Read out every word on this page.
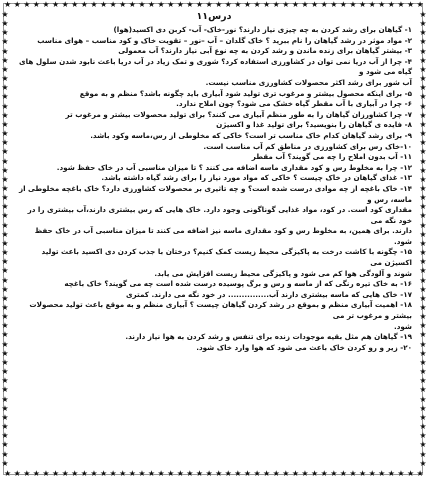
★ ★ ★ ★ ★ ★ ★ ★ ★ ★ ★ ★ ★ ★ ★ ★ ★ ★ ★ ★ ★ ★ ★ ★ ★ ★ ★ ★ ★ ★ ★ ★ ★ ★ ★ ★ ★ ★ ★ ★ ★ ★ ★ ★
★ ★ ★ ★ ★ ★ ★ ★ ★ ★ ★ ★ ★ ★ ★ ★ ★ ★ ★ ★ ★ ★ ★ ★ ★ ★ ★ ★ ★ ★ ★ ★ ★ ★ ★ ★ ★ ★ ★ ★ ★ ★ ★ ★
★
★
★
★
★
★
★
★
★
★
★
★
★
★
★
★
★
★
★
★
★
★
★
★
★
★
★
★
★
★
★
★
★
★
★
★
★
★
★
★
★
★
★
★
★
★
★
★
★
★
★
★
★
★
★
★
★
★
★
★
★
★
★
★
★
★
★
★
★
★
★
★
★
★
★
★
★
★
★
★
★
★
★
★
★
★
★
★
★
★
★
★
★
★
★
★
★
★
★
★
درس۱۱

۱- گیاهان برای رشد کردن به چه چیزی نیاز دارند؟ نور-خاک- آب- کربن دی اکسید(هوا)

۲- مواد موثر در رشد گیاهان را نام ببرید ؟ خاک گلدان – آب –نور – تقویت خاک و کود مناسب – هوای مناسب

۳- بیشتر گیاهان برای زنده ماندن و رشد کردن به چه نوع آبی نیاز دارند؟ آب معمولی

۴- چرا از آب دریا نمی توان در کشاورزی استفاده کرد؟ شوری و تمک زیاد در آب دریا باعث نابود شدن سلول های گیاه می شود و

آب شور برای رشد اکثر محصولات کشاورزی مناسب نیست.

۵- برای اینکه محصول بیشتر و مرغوب تری تولید شود آبیاری باید چگونه باشد؟ منظم و به موقع

۶- چرا در آبیاری با آب مقطر گیاه خشک می شود؟ چون املاح ندارد.

۷- چرا کشاورزان گیاهان را به طور منظم آبیاری می کنند؟ برای تولید محصولات بیشتر و مرغوب تر

۸- فایده ی گیاهان را بنویسید؟ برای تولید غذا و اکسیژن

۹- برای رشد گیاهان کدام خاک مناسب تر است؟ خاکی که مخلوطی از رس،ماسه وکود باشد.

۱۰-خاک رس برای کشاورزی در مناطق کم آب مناسب است.

۱۱- آب بدون املاح را چه می گویند؟ آب مقطر

۱۲- چرا به مخلوط رس و کود مقداری ماسه اضافه می کنند ؟ تا میزان مناسبی آب در خاک حفظ شود.

۱۳- غذای گیاهان در خاک چیست ؟ خاکی که مواد مورد نیاز را برای رشد گیاه داشته باشد.

۱۴- خاک باغچه از چه موادی درست شده است؟ و چه تاثیری بر محصولات کشاورزی دارد؟ خاک باغچه مخلوطی از ماسه، رس و

مقداری کود است. در کود، مواد غذایی گوناگونی وجود دارد. خاک هایی که رس بیشتری دارند،آب بیشتری را در خود نگه می

دارند. برای همین، به مخلوط رس و کود مقداری ماسه نیز اضافه می کنند تا میزان مناسبی آب در خاک حفظ شود.

۱۵- چگونه با کاشت درخت به پاکیزگی محیط زیست کمک کنیم؟ درختان با جذب کردن دی اکسید باعث تولید اکسیژن می

شوند و آلودگی هوا کم می شود و پاکیزگی محیط زیست افزایش می یابد.

۱۶- به خاک تیره رنگی که از ماسه و رس و برگ پوسیده درست شده است چه می گویند؟ خاک باغچه

۱۷- خاک هایی که ماسه بیشتری دارند آب............... در خود نگه می دارند. کمتری

۱۸- اهمیت آبیاری منظم و بموقع در رشد کردن گیاهان چیست ؟ آبیاری منظم و به موقع باعث تولید محصولات بیشتر و مرغوب تر می

شود.

۱۹- گیاهان هم مثل بقیه موجودات زنده برای تنفس و رشد کردن به هوا نیاز دارند.

۲۰- زیر و رو کردن خاک باعث می شود که هوا وارد خاک شود.
